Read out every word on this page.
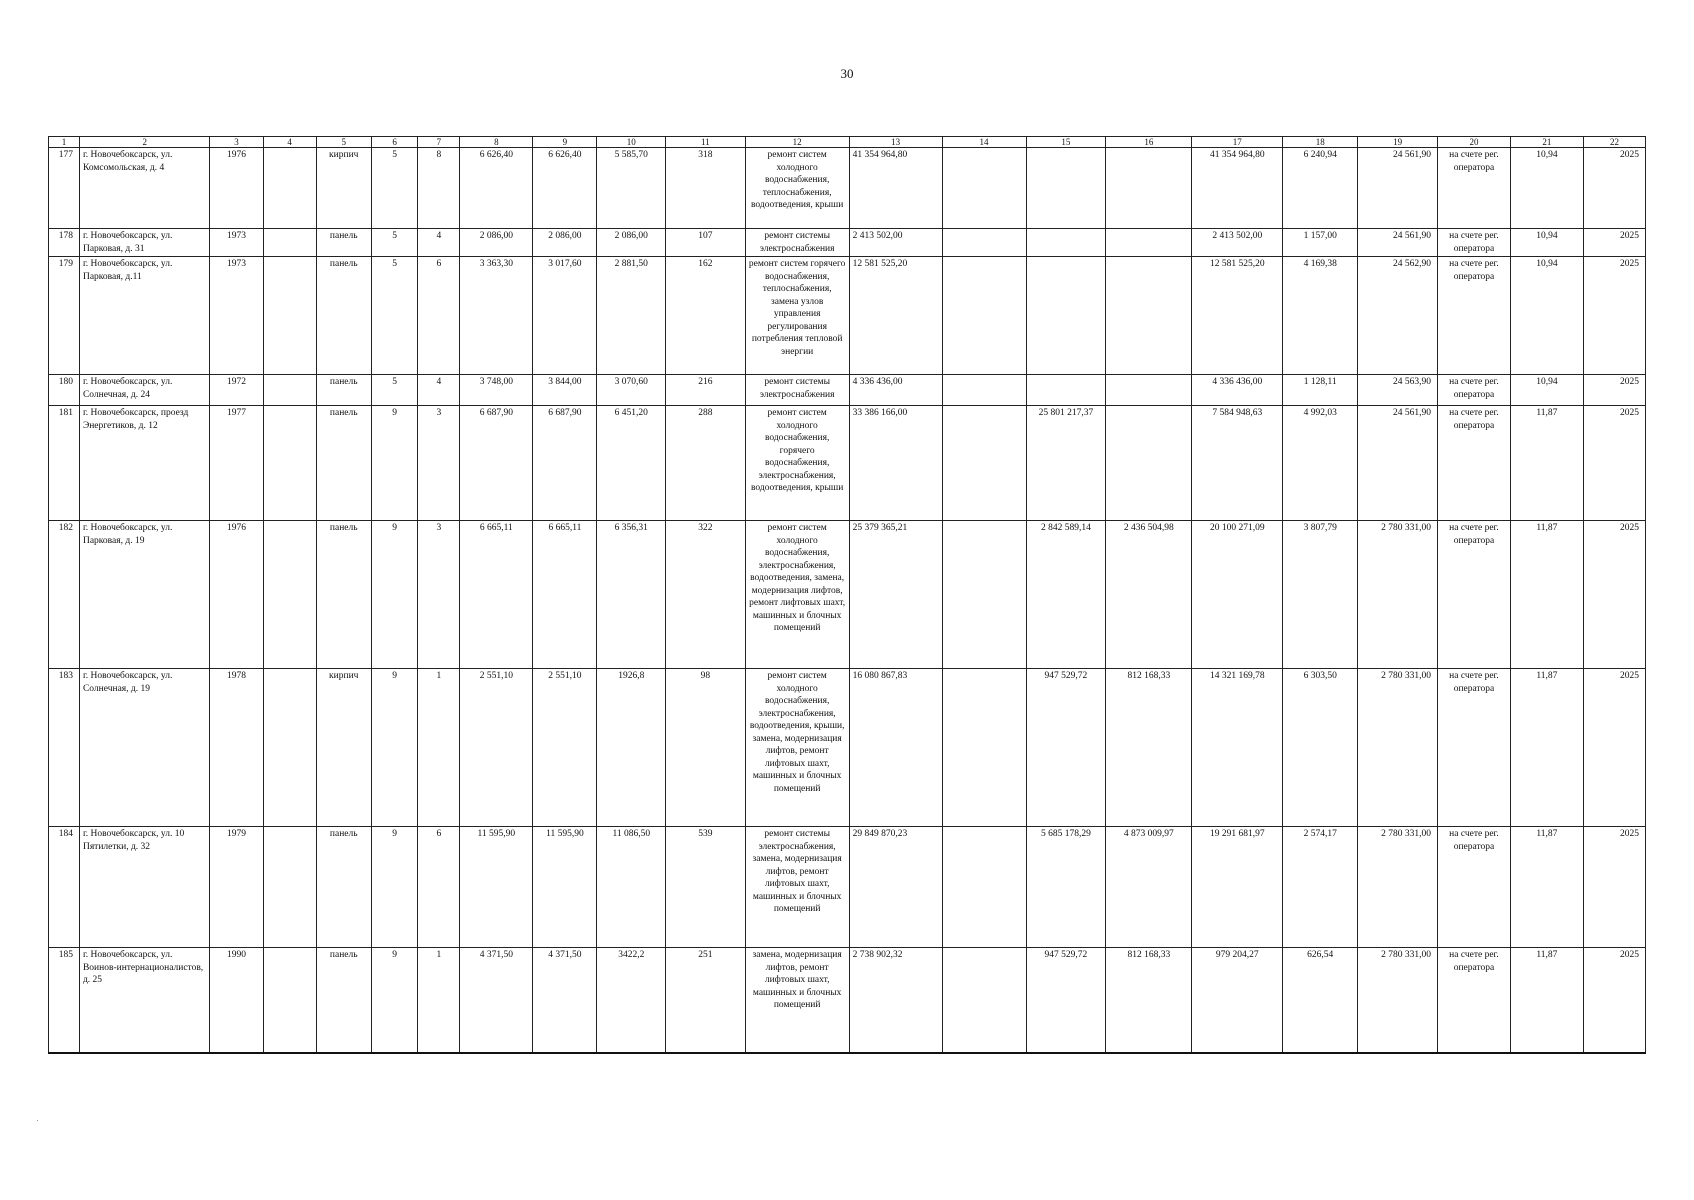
30
1	2	3	4	5	6	7	8	9	10	11	12	13	14	15	16	17	18	19	20	21	22
177	г. Новочебоксарск, ул. Комсомольская, д. 4	1976		кирпич	5	8	6 626,40	6 626,40	5 585,70	318	ремонт систем холодного водоснабжения, теплоснабжения, водоотведения, крыши	41 354 964,80				41 354 964,80	6 240,94	24 561,90	на счете рег. оператора	10,94	2025
178	г. Новочебоксарск, ул. Парковая, д. 31	1973		панель	5	4	2 086,00	2 086,00	2 086,00	107	ремонт системы электроснабжения	2 413 502,00				2 413 502,00	1 157,00	24 561,90	на счете рег. оператора	10,94	2025
179	г. Новочебоксарск, ул. Парковая, д.11	1973		панель	5	6	3 363,30	3 017,60	2 881,50	162	ремонт систем горячего водоснабжения, теплоснабжения, замена узлов управления регулирования потребления тепловой энергии	12 581 525,20				12 581 525,20	4 169,38	24 562,90	на счете рег. оператора	10,94	2025
180	г. Новочебоксарск, ул. Солнечная, д. 24	1972		панель	5	4	3 748,00	3 844,00	3 070,60	216	ремонт системы электроснабжения	4 336 436,00				4 336 436,00	1 128,11	24 563,90	на счете рег. оператора	10,94	2025
181	г. Новочебоксарск, проезд Энергетиков, д. 12	1977		панель	9	3	6 687,90	6 687,90	6 451,20	288	ремонт систем холодного водоснабжения, горячего водоснабжения, электроснабжения, водоотведения, крыши	33 386 166,00		25 801 217,37		7 584 948,63	4 992,03	24 561,90	на счете рег. оператора	11,87	2025
182	г. Новочебоксарск, ул. Парковая, д. 19	1976		панель	9	3	6 665,11	6 665,11	6 356,31	322	ремонт систем холодного водоснабжения, электроснабжения, водоотведения, замена, модернизация лифтов, ремонт лифтовых шахт, машинных и блочных помещений	25 379 365,21		2 842 589,14	2 436 504,98	20 100 271,09	3 807,79	2 780 331,00	на счете рег. оператора	11,87	2025
183	г. Новочебоксарск, ул. Солнечная, д. 19	1978		кирпич	9	1	2 551,10	2 551,10	1926,8	98	ремонт систем холодного водоснабжения, электроснабжения, водоотведения, крыши, замена, модернизация лифтов, ремонт лифтовых шахт, машинных и блочных помещений	16 080 867,83		947 529,72	812 168,33	14 321 169,78	6 303,50	2 780 331,00	на счете рег. оператора	11,87	2025
184	г. Новочебоксарск, ул. 10 Пятилетки, д. 32	1979		панель	9	6	11 595,90	11 595,90	11 086,50	539	ремонт системы электроснабжения, замена, модернизация лифтов, ремонт лифтовых шахт, машинных и блочных помещений	29 849 870,23		5 685 178,29	4 873 009,97	19 291 681,97	2 574,17	2 780 331,00	на счете рег. оператора	11,87	2025
185	г. Новочебоксарск, ул. Воинов-интернационалистов, д. 25	1990		панель	9	1	4 371,50	4 371,50	3422,2	251	замена, модернизация лифтов, ремонт лифтовых шахт, машинных и блочных помещений	2 738 902,32		947 529,72	812 168,33	979 204,27	626,54	2 780 331,00	на счете рег. оператора	11,87	2025
